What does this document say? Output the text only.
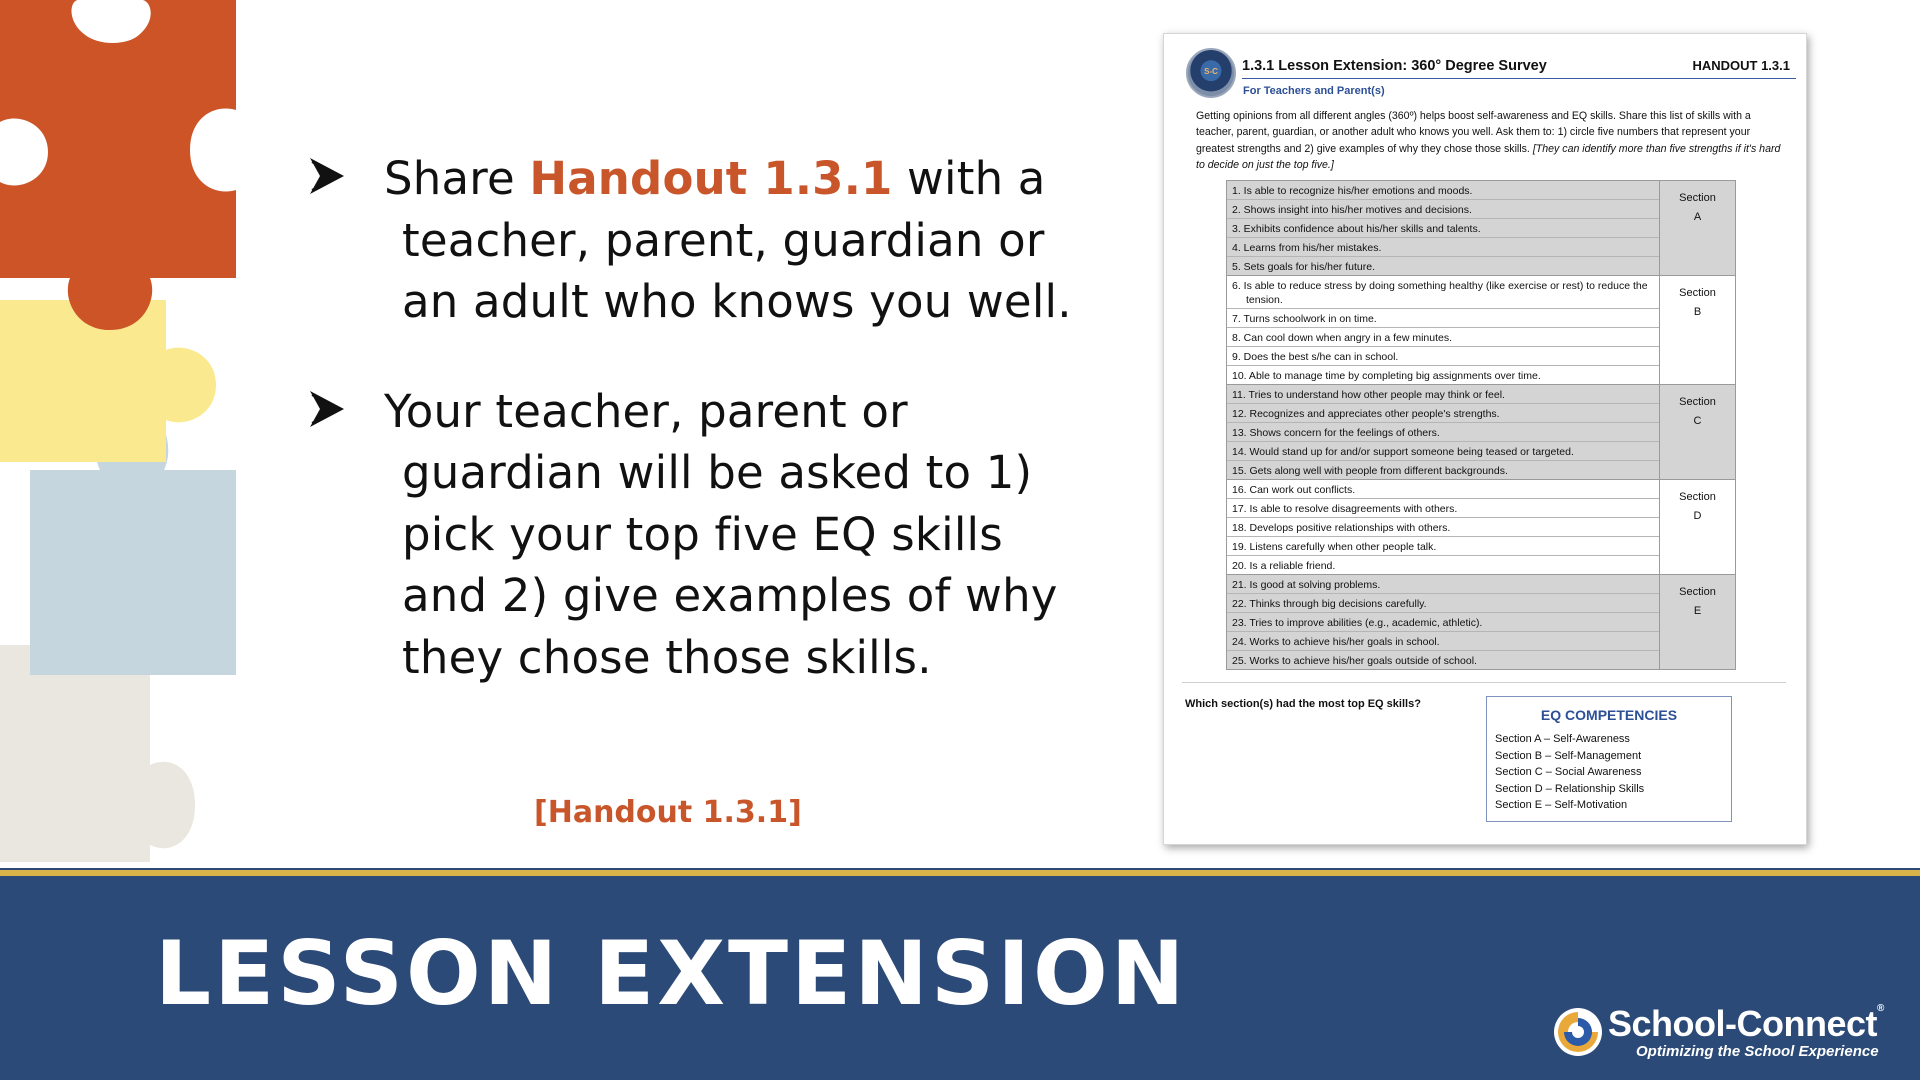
Share Handout 1.3.1 with a
teacher, parent, guardian or
an adult who knows you well.
Your teacher, parent or
guardian will be asked to 1)
pick your top five EQ skills
and 2) give examples of why
they chose those skills.
[Handout 1.3.1]
S-C	1.3.1 Lesson Extension: 360° Degree Survey	HANDOUT 1.3.1
For Teachers and Parent(s)
Getting opinions from all different angles (360º) helps boost self-awareness and EQ skills. Share this list of skills with a teacher, parent, guardian, or another adult who knows you well. Ask them to: 1) circle five numbers that represent your greatest strengths and 2) give examples of why they chose those skills. [They can identify more than five strengths if it's hard to decide on just the top five.]
1. Is able to recognize his/her emotions and moods.
2. Shows insight into his/her motives and decisions.
3. Exhibits confidence about his/her skills and talents.
4. Learns from his/her mistakes.
5. Sets goals for his/her future.
Section
A
6. Is able to reduce stress by doing something healthy (like exercise or rest) to reduce the tension.
7. Turns schoolwork in on time.
8. Can cool down when angry in a few minutes.
9. Does the best s/he can in school.
10. Able to manage time by completing big assignments over time.
Section
B
11. Tries to understand how other people may think or feel.
12. Recognizes and appreciates other people's strengths.
13. Shows concern for the feelings of others.
14. Would stand up for and/or support someone being teased or targeted.
15. Gets along well with people from different backgrounds.
Section
C
16. Can work out conflicts.
17. Is able to resolve disagreements with others.
18. Develops positive relationships with others.
19. Listens carefully when other people talk.
20. Is a reliable friend.
Section
D
21. Is good at solving problems.
22. Thinks through big decisions carefully.
23. Tries to improve abilities (e.g., academic, athletic).
24. Works to achieve his/her goals in school.
25. Works to achieve his/her goals outside of school.
Section
E
Which section(s) had the most top EQ skills?
EQ COMPETENCIES
Section A – Self-Awareness
Section B – Self-Management
Section C – Social Awareness
Section D – Relationship Skills
Section E – Self-Motivation
LESSON EXTENSION	School-Connect®
Optimizing the School Experience
